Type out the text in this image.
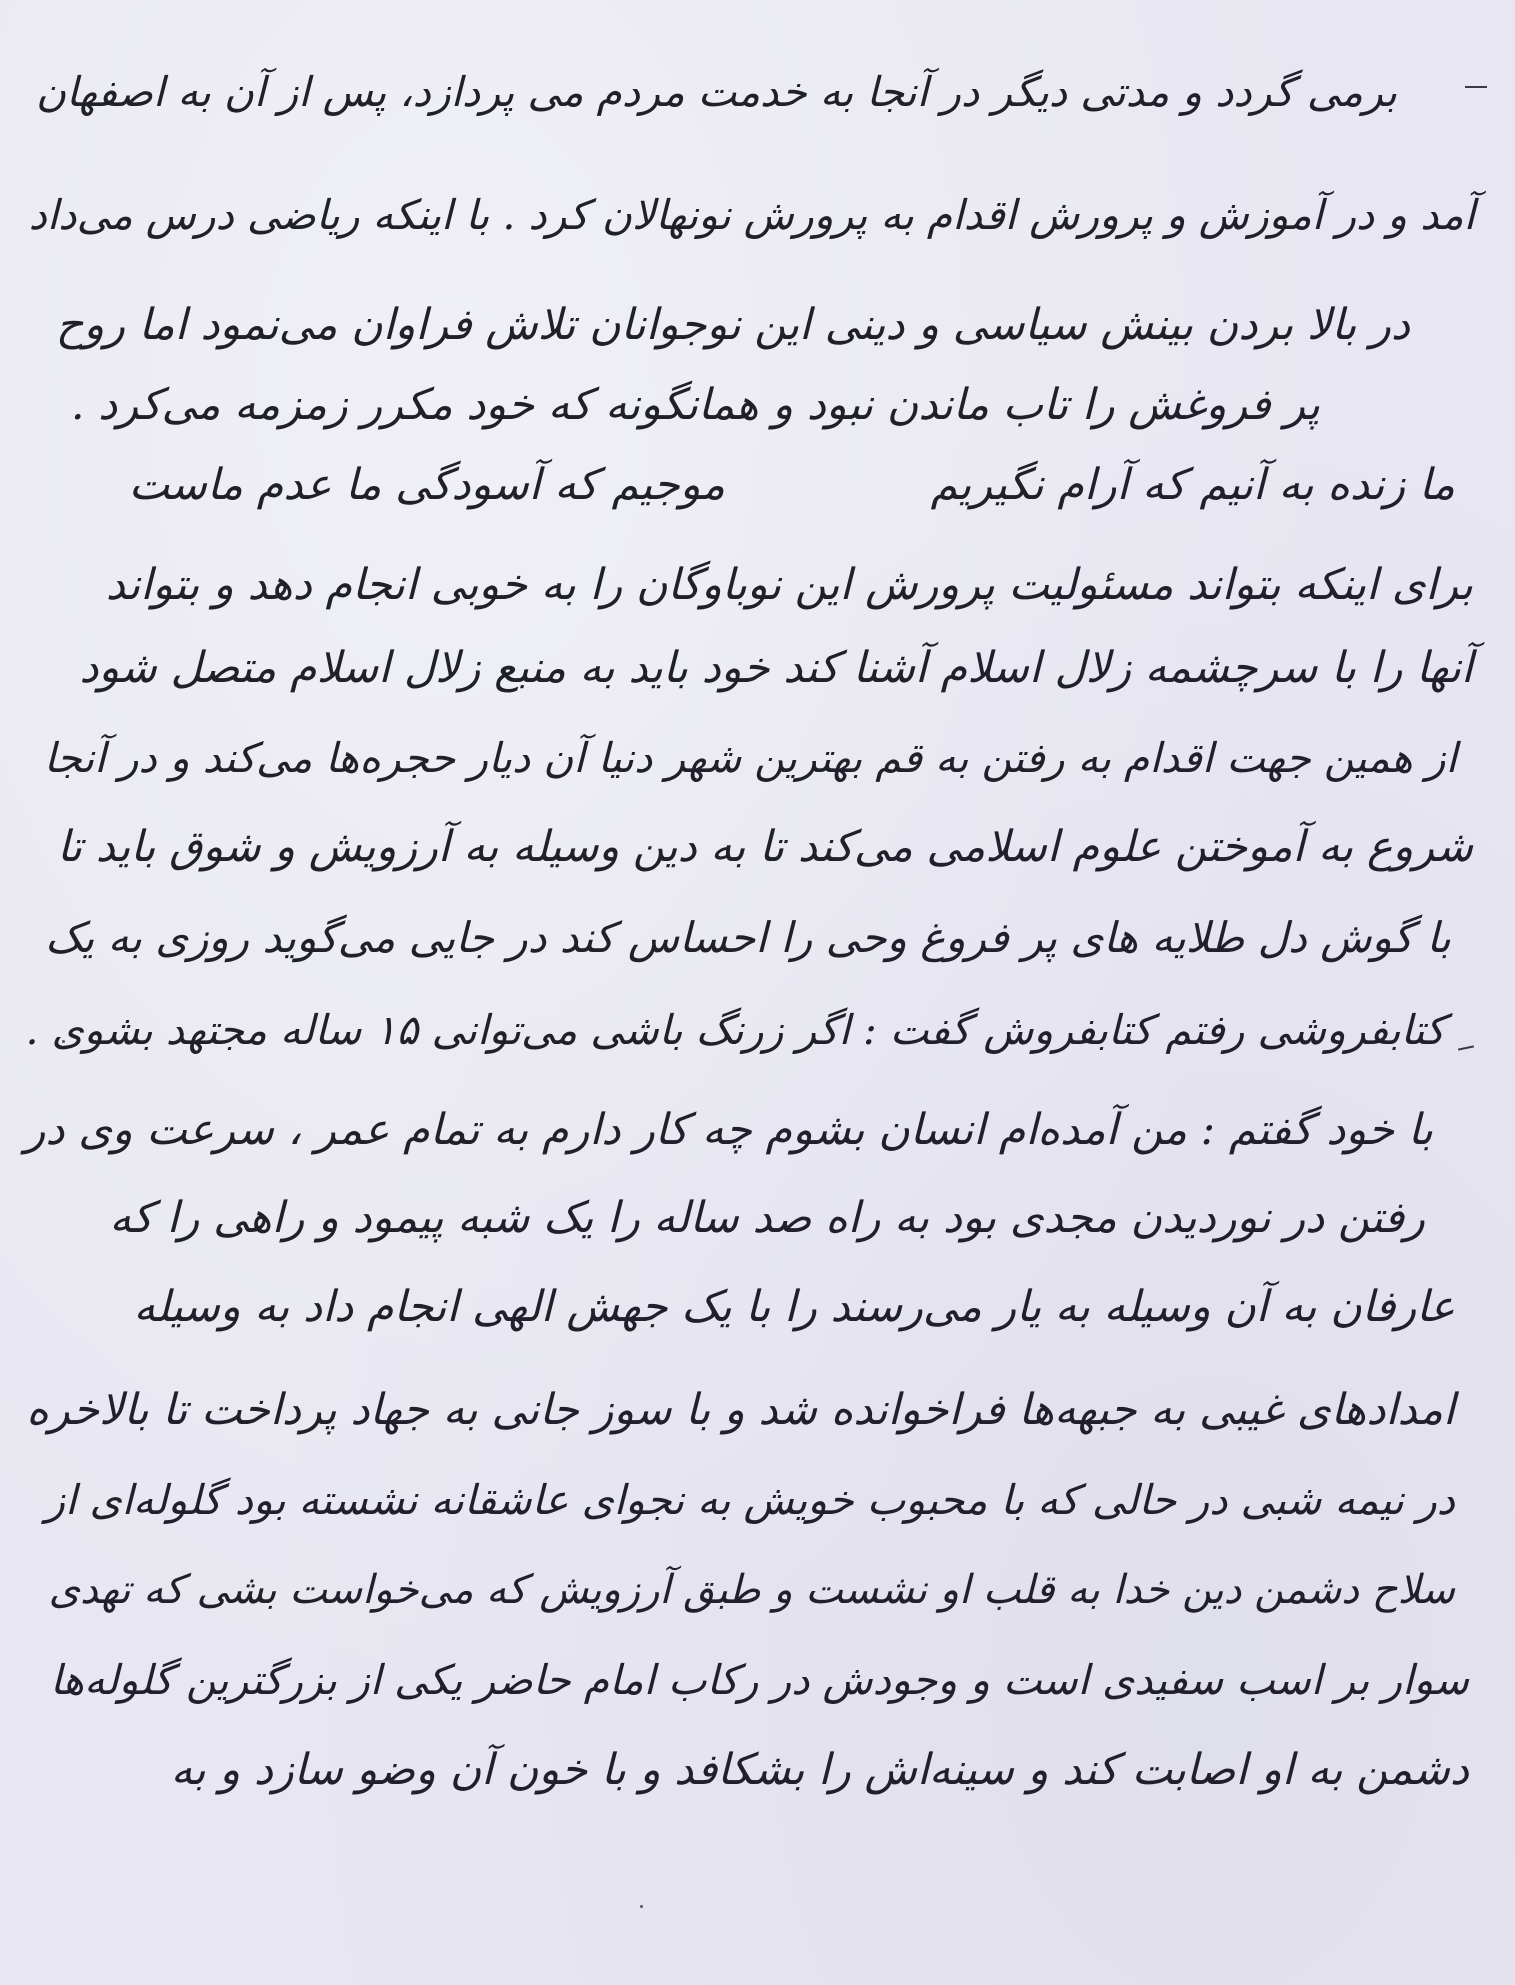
برمی گردد و مدتی دیگر در آنجا به خدمت مردم می پردازد، پس از آن به اصفهان
آمد و در آموزش و پرورش اقدام به پرورش نونهالان کرد . با اینکه ریاضی درس می‌داد
در بالا بردن بینش سیاسی و دینی این نوجوانان تلاش فراوان می‌نمود اما روح
پر فروغش را تاب ماندن نبود و همانگونه که خود مکرر زمزمه می‌کرد .
ما زنده به آنیم که آرام نگیریم
موجیم که آسودگی ما عدم ماست
برای اینکه بتواند مسئولیت پرورش این نوباوگان را به خوبی انجام دهد و بتواند
آنها را با سرچشمه زلال اسلام آشنا کند خود باید به منبع زلال اسلام متصل شود
از همین جهت اقدام به رفتن به قم بهترین شهر دنیا آن دیار حجره‌ها می‌کند و در آنجا
شروع به آموختن علوم اسلامی می‌کند تا به دین وسیله به آرزویش و شوق باید تا
با گوش دل طلایه های پر فروغ وحی را احساس کند در جایی می‌گوید روزی به یک
کتابفروشی رفتم کتابفروش گفت : اگر زرنگ باشی می‌توانی ۱۵ ساله مجتهد بشوی .
با خود گفتم : من آمده‌ام انسان بشوم چه کار دارم به تمام عمر ، سرعت وی در
رفتن در نوردیدن مجدی بود به راه صد ساله را یک شبه پیمود و راهی را که
عارفان به آن وسیله به یار می‌رسند را با یک جهش الهی انجام داد به وسیله
امدادهای غیبی به جبهه‌ها فراخوانده شد و با سوز جانی به جهاد پرداخت تا بالاخره
در نیمه شبی در حالی که با محبوب خویش به نجوای عاشقانه نشسته بود گلوله‌ای از
سلاح دشمن دین خدا به قلب او نشست و طبق آرزویش که می‌خواست بشی که تهدی
سوار بر اسب سفیدی است و وجودش در رکاب امام حاضر یکی از بزرگترین گلوله‌ها
دشمن به او اصابت کند و سینه‌اش را بشکافد و با خون آن وضو سازد و به
